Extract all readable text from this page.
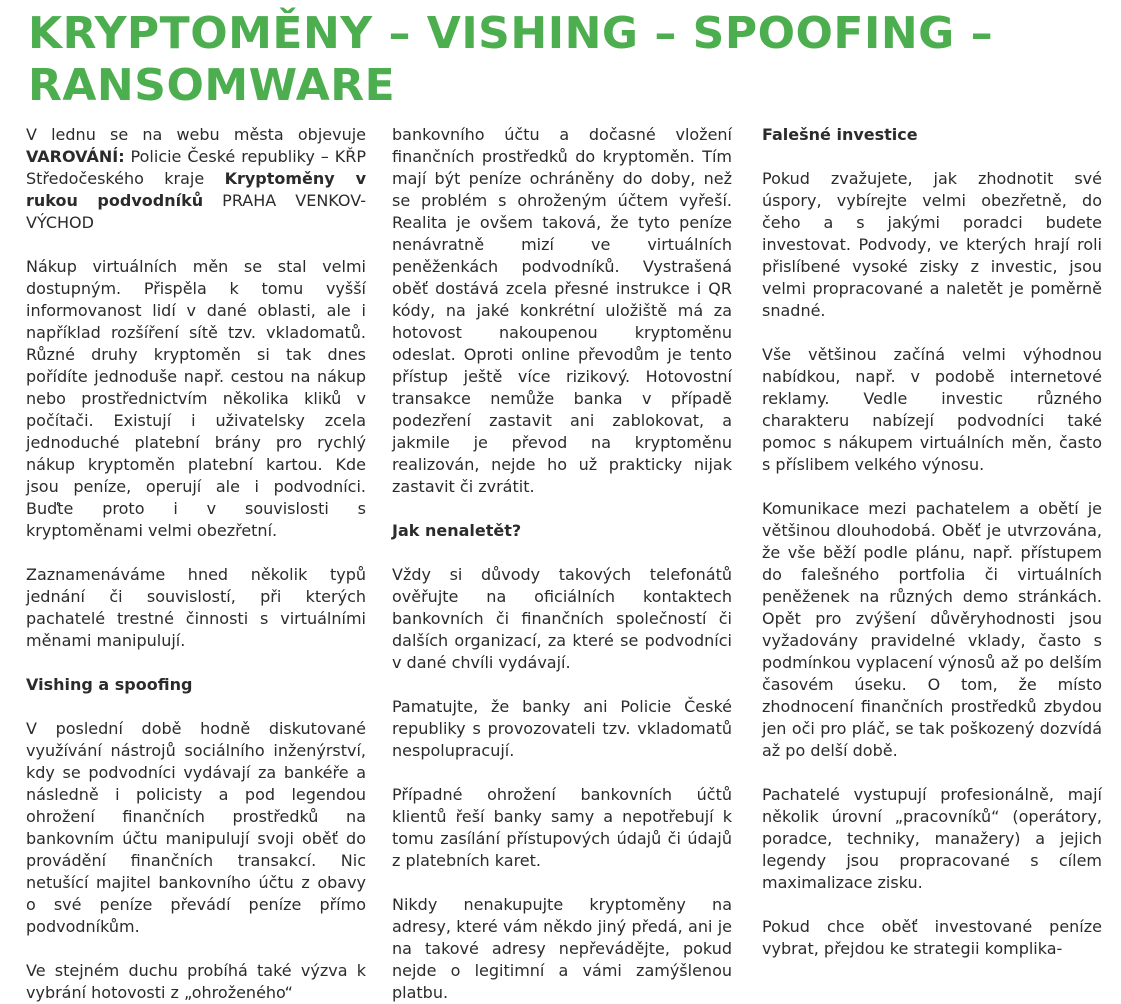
KRYPTOMĚNY – VISHING – SPOOFING – RANSOMWARE

V lednu se na webu města objevuje VAROVÁNÍ: Policie České republiky – KŘP Středočeského kraje Kryptoměny v rukou podvodníků PRAHA VENKOV-VÝCHOD

Nákup virtuálních měn se stal velmi dostupným. Přispěla k tomu vyšší informovanost lidí v dané oblasti, ale i například rozšíření sítě tzv. vkladomatů. Různé druhy kryptoměn si tak dnes pořídíte jednoduše např. cestou na nákup nebo prostřednictvím několika kliků v počítači. Existují i uživatelsky zcela jednoduché platební brány pro rychlý nákup kryptoměn platební kartou. Kde jsou peníze, operují ale i podvodníci. Buďte proto i v souvislosti s kryptoměnami velmi obezřetní.

Zaznamenáváme hned několik typů jednání či souvislostí, při kterých pachatelé trestné činnosti s virtuálními měnami manipulují.

Vishing a spoofing

V poslední době hodně diskutované využívání nástrojů sociálního inženýrství, kdy se podvodníci vydávají za bankéře a následně i policisty a pod legendou ohrožení finančních prostředků na bankovním účtu manipulují svoji oběť do provádění finančních transakcí. Nic netušící majitel bankovního účtu z obavy o své peníze převádí peníze přímo podvodníkům.

Ve stejném duchu probíhá také výzva k vybrání hotovosti z „ohroženého“

bankovního účtu a dočasné vložení finančních prostředků do kryptoměn. Tím mají být peníze ochráněny do doby, než se problém s ohroženým účtem vyřeší. Realita je ovšem taková, že tyto peníze nenávratně mizí ve virtuálních peněženkách podvodníků. Vystrašená oběť dostává zcela přesné instrukce i QR kódy, na jaké konkrétní uložiště má za hotovost nakoupenou kryptoměnu odeslat. Oproti online převodům je tento přístup ještě více rizikový. Hotovostní transakce nemůže banka v případě podezření zastavit ani zablokovat, a jakmile je převod na kryptoměnu realizován, nejde ho už prakticky nijak zastavit či zvrátit.

Jak nenaletět?

Vždy si důvody takových telefonátů ověřujte na oficiálních kontaktech bankovních či finančních společností či dalších organizací, za které se podvodníci v dané chvíli vydávají.

Pamatujte, že banky ani Policie České republiky s provozovateli tzv. vkladomatů nespolupracují.

Případné ohrožení bankovních účtů klientů řeší banky samy a nepotřebují k tomu zasílání přístupových údajů či údajů z platebních karet.

Nikdy nenakupujte kryptoměny na adresy, které vám někdo jiný předá, ani je na takové adresy nepřevádějte, pokud nejde o legitimní a vámi zamýšlenou platbu.

Falešné investice

Pokud zvažujete, jak zhodnotit své úspory, vybírejte velmi obezřetně, do čeho a s jakými poradci budete investovat. Podvody, ve kterých hrají roli přislíbené vysoké zisky z investic, jsou velmi propracované a naletět je poměrně snadné.

Vše většinou začíná velmi výhodnou nabídkou, např. v podobě internetové reklamy. Vedle investic různého charakteru nabízejí podvodníci také pomoc s nákupem virtuálních měn, často s příslibem velkého výnosu.

Komunikace mezi pachatelem a obětí je většinou dlouhodobá. Oběť je utvrzována, že vše běží podle plánu, např. přístupem do falešného portfolia či virtuálních peněženek na různých demo stránkách. Opět pro zvýšení důvěryhodnosti jsou vyžadovány pravidelné vklady, často s podmínkou vyplacení výnosů až po delším časovém úseku. O tom, že místo zhodnocení finančních prostředků zbydou jen oči pro pláč, se tak poškozený dozvídá až po delší době.

Pachatelé vystupují profesionálně, mají několik úrovní „pracovníků“ (operátory, poradce, techniky, manažery) a jejich legendy jsou propracované s cílem maximalizace zisku.

Pokud chce oběť investované peníze vybrat, přejdou ke strategii komplika-
